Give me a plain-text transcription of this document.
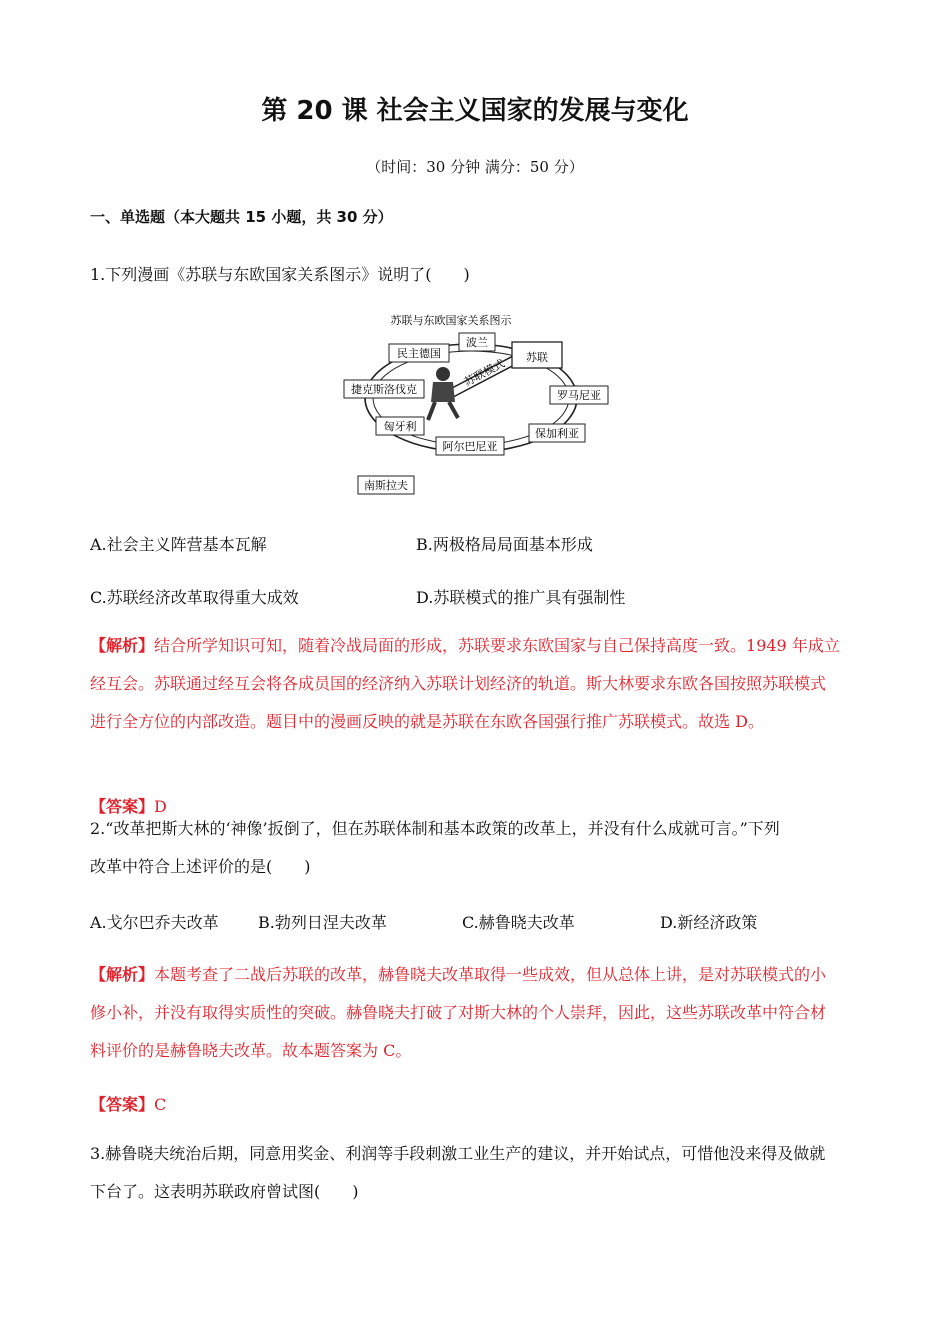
第 20 课 社会主义国家的发展与变化
（时间：30 分钟 满分：50 分）
一、单选题（本大题共 15 小题，共 30 分）
1.下列漫画《苏联与东欧国家关系图示》说明了(　　)
苏联与东欧国家关系图示
苏联模式 苏联
民主德国
波兰
捷克斯洛伐克	罗马尼亚
匈牙利
保加利亚
阿尔巴尼亚
南斯拉夫
A.社会主义阵营基本瓦解	B.两极格局局面基本形成
C.苏联经济改革取得重大成效	D.苏联模式的推广具有强制性
【解析】结合所学知识可知，随着冷战局面的形成，苏联要求东欧国家与自己保持高度一致。1949 年成立
经互会。苏联通过经互会将各成员国的经济纳入苏联计划经济的轨道。斯大林要求东欧各国按照苏联模式
进行全方位的内部改造。题目中的漫画反映的就是苏联在东欧各国强行推广苏联模式。故选 D。
【答案】D
2.“改革把斯大林的‘神像’扳倒了，但在苏联体制和基本政策的改革上，并没有什么成就可言。”下列
改革中符合上述评价的是(　　)
A.戈尔巴乔夫改革 B.勃列日涅夫改革	C.赫鲁晓夫改革	D.新经济政策
【解析】本题考查了二战后苏联的改革，赫鲁晓夫改革取得一些成效，但从总体上讲，是对苏联模式的小
修小补，并没有取得实质性的突破。赫鲁晓夫打破了对斯大林的个人崇拜，因此，这些苏联改革中符合材
料评价的是赫鲁晓夫改革。故本题答案为 C。
【答案】C
3.赫鲁晓夫统治后期，同意用奖金、利润等手段刺激工业生产的建议，并开始试点，可惜他没来得及做就
下台了。这表明苏联政府曾试图(　　)
